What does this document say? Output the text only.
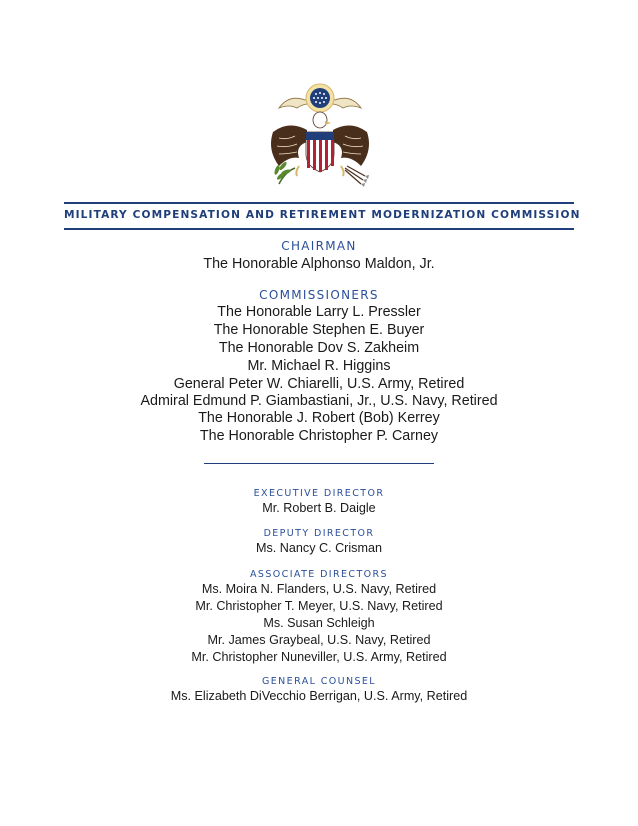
MILITARY COMPENSATION AND RETIREMENT MODERNIZATION COMMISSION
CHAIRMAN
The Honorable Alphonso Maldon, Jr.
COMMISSIONERS
The Honorable Larry L. Pressler
The Honorable Stephen E. Buyer
The Honorable Dov S. Zakheim
Mr. Michael R. Higgins
General Peter W. Chiarelli, U.S. Army, Retired
Admiral Edmund P. Giambastiani, Jr., U.S. Navy, Retired
The Honorable J. Robert (Bob) Kerrey
The Honorable Christopher P. Carney
EXECUTIVE DIRECTOR
Mr. Robert B. Daigle
DEPUTY DIRECTOR
Ms. Nancy C. Crisman
ASSOCIATE DIRECTORS
Ms. Moira N. Flanders, U.S. Navy, Retired
Mr. Christopher T. Meyer, U.S. Navy, Retired
Ms. Susan Schleigh
Mr. James Graybeal, U.S. Navy, Retired
Mr. Christopher Nuneviller, U.S. Army, Retired
GENERAL COUNSEL
Ms. Elizabeth DiVecchio Berrigan, U.S. Army, Retired
